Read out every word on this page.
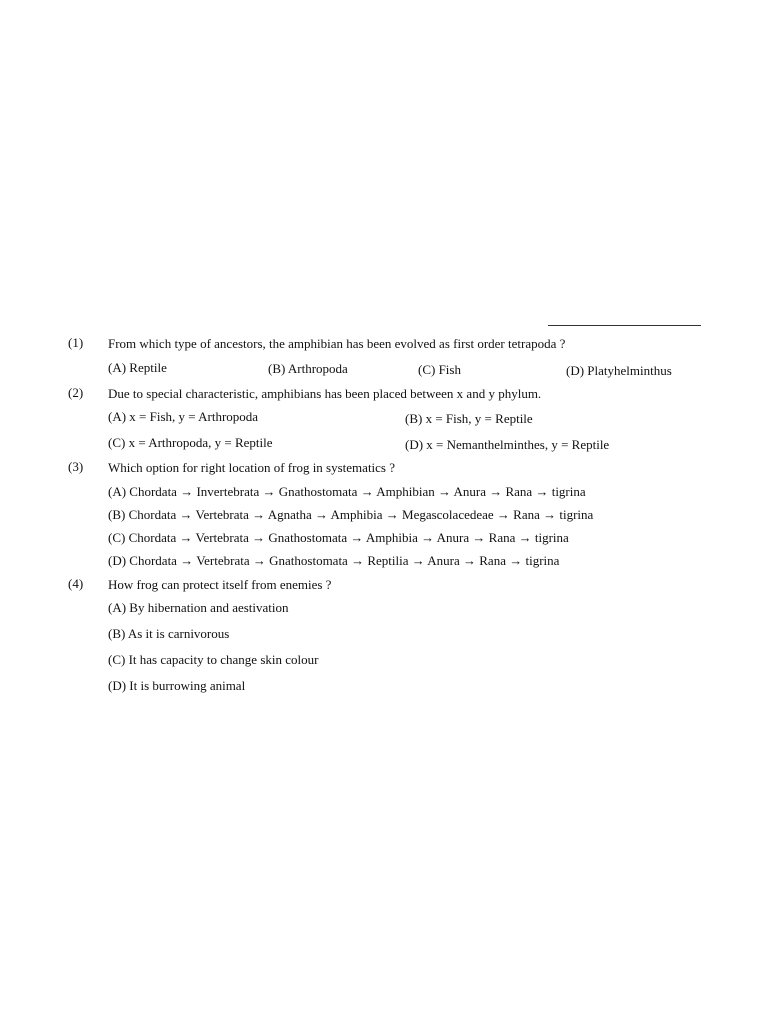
(1) From which type of ancestors, the amphibian has been evolved as first order tetrapoda ?
(A) Reptile	(B) Arthropoda	(C) Fish	(D) Platyhelminthus
(2) Due to special characteristic, amphibians has been placed between x and y phylum.
(A) x = Fish, y = Arthropoda	(B) x = Fish, y = Reptile
(C) x = Arthropoda, y = Reptile	(D) x = Nemanthelminthes, y = Reptile
(3) Which option for right location of frog in systematics ?
(A) Chordata → Invertebrata → Gnathostomata → Amphibian → Anura → Rana → tigrina
(B) Chordata → Vertebrata → Agnatha → Amphibia → Megascolacedeae → Rana → tigrina
(C) Chordata → Vertebrata → Gnathostomata → Amphibia → Anura → Rana → tigrina
(D) Chordata → Vertebrata → Gnathostomata → Reptilia → Anura → Rana → tigrina
(4) How frog can protect itself from enemies ?
(A) By hibernation and aestivation
(B) As it is carnivorous
(C) It has capacity to change skin colour
(D) It is burrowing animal
